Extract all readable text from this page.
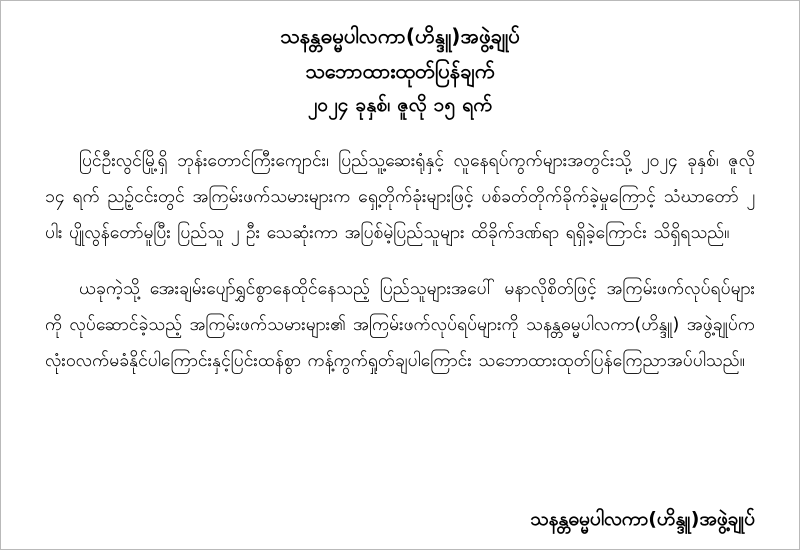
သနန္တဓမ္မပါလကာ(ဟိန္ဒူ)အဖွဲ့ချုပ်
သဘောထားထုတ်ပြန်ချက်
၂၀၂၄ ခုနှစ်၊ ဇူလို ၁၅ ရက်

ပြင်ဦးလွင်မြို့ရှိ ဘုန်းတောင်ကြီးကျောင်း၊ ပြည်သူ့ဆေးရုံနှင့် လူနေရပ်ကွက်များအတွင်းသို့ ၂၀၂၄ ခုနှစ်၊ ဇူလို ၁၄ ရက် ညဥ့်ငင်းတွင် အကြမ်းဖက်သမားများက ရှေ့တိုက်ခုံးများဖြင့် ပစ်ခတ်တိုက်ခိုက်ခဲ့မှုကြောင့် သံဃာတော် ၂ ပါး ပျိုလွန်တော်မူပြီး ပြည်သူ ၂ ဦး သေဆုံးကာ အပြစ်မဲ့ပြည်သူများ ထိခိုက်ဒဏ်ရာ ရရှိခဲ့ကြောင်း သိရှိရသည်။

ယခုကဲ့သို့ အေးချမ်းပျော်ရွှင်စွာနေထိုင်နေသည့် ပြည်သူများအပေါ် မနာလိုစိတ်ဖြင့် အကြမ်းဖက်လုပ်ရပ်များကို လုပ်ဆောင်ခဲ့သည့် အကြမ်းဖက်သမားများ၏ အကြမ်းဖက်လုပ်ရပ်များကို သနန္တဓမ္မပါလကာ(ဟိန္ဒူ) အဖွဲ့ချုပ်က လုံးဝလက်မခံနိုင်ပါကြောင်းနှင့်ပြင်းထန်စွာ ကန့်ကွက်ရှုတ်ချပါကြောင်း သဘောထားထုတ်ပြန်ကြေညာအပ်ပါသည်။

သနန္တဓမ္မပါလကာ(ဟိန္ဒူ)အဖွဲ့ချုပ်
